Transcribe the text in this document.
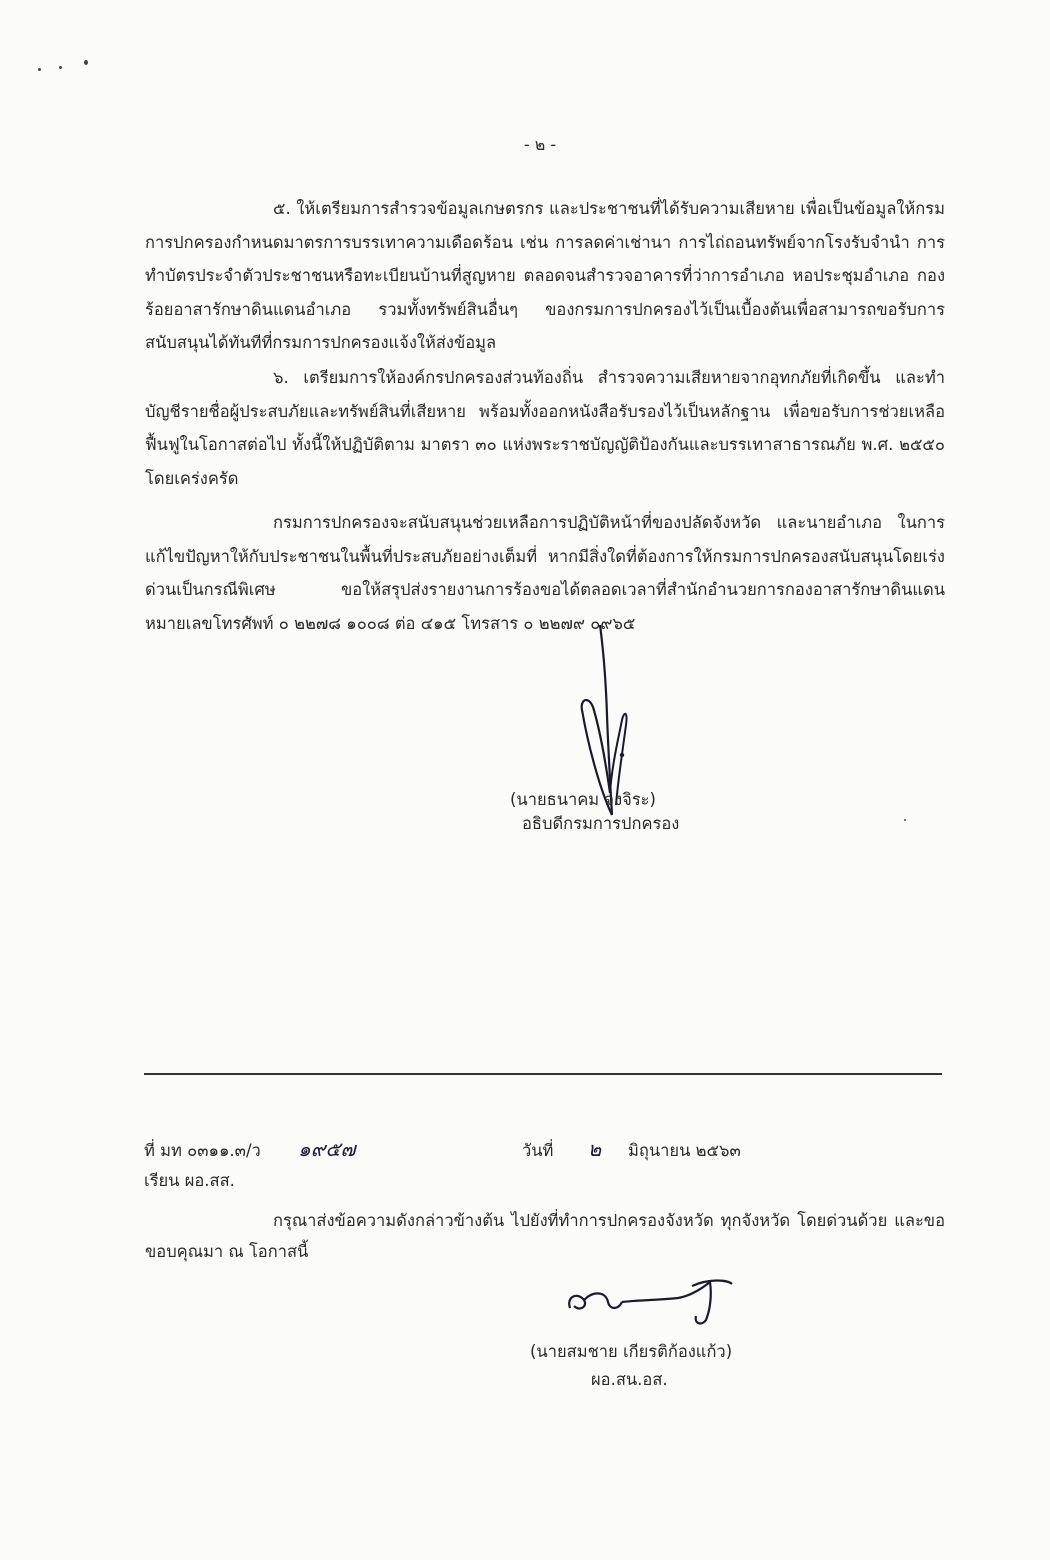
- ๒ -
๕. ให้เตรียมการสำรวจข้อมูลเกษตรกร และประชาชนที่ได้รับความเสียหาย เพื่อเป็นข้อมูลให้กรมการปกครองกำหนดมาตรการบรรเทาความเดือดร้อน เช่น การลดค่าเช่านา การไถ่ถอนทรัพย์จากโรงรับจำนำ การทำบัตรประจำตัวประชาชนหรือทะเบียนบ้านที่สูญหาย ตลอดจนสำรวจอาคารที่ว่าการอำเภอ หอประชุมอำเภอ กองร้อยอาสารักษาดินแดนอำเภอ รวมทั้งทรัพย์สินอื่นๆ ของกรมการปกครองไว้เป็นเบื้องต้นเพื่อสามารถขอรับการสนับสนุนได้ทันทีที่กรมการปกครองแจ้งให้ส่งข้อมูล
๖. เตรียมการให้องค์กรปกครองส่วนท้องถิ่น สำรวจความเสียหายจากอุทกภัยที่เกิดขึ้น และทำบัญชีรายชื่อผู้ประสบภัยและทรัพย์สินที่เสียหาย พร้อมทั้งออกหนังสือรับรองไว้เป็นหลักฐาน เพื่อขอรับการช่วยเหลือฟื้นฟูในโอกาสต่อไป ทั้งนี้ให้ปฏิบัติตาม มาตรา ๓๐ แห่งพระราชบัญญัติป้องกันและบรรเทาสาธารณภัย พ.ศ. ๒๕๕๐ โดยเคร่งครัด
กรมการปกครองจะสนับสนุนช่วยเหลือการปฏิบัติหน้าที่ของปลัดจังหวัด และนายอำเภอ ในการแก้ไขปัญหาให้กับประชาชนในพื้นที่ประสบภัยอย่างเต็มที่ หากมีสิ่งใดที่ต้องการให้กรมการปกครองสนับสนุนโดยเร่งด่วนเป็นกรณีพิเศษ ขอให้สรุปส่งรายงานการร้องขอได้ตลอดเวลาที่สำนักอำนวยการกองอาสารักษาดินแดน หมายเลขโทรศัพท์ ๐ ๒๒๗๘ ๑๐๐๘ ต่อ ๔๑๕ โทรสาร ๐ ๒๒๗๙ ๐๙๖๕
(นายธนาคม จงจิระ)
อธิบดีกรมการปกครอง
ที่ มท ๐๓๑๑.๓/ว ๑๙๕๗	วันที่ ๒ มิถุนายน ๒๕๖๓
เรียน ผอ.สส.
กรุณาส่งข้อความดังกล่าวข้างต้น ไปยังที่ทำการปกครองจังหวัด ทุกจังหวัด โดยด่วนด้วย และขอขอบคุณมา ณ โอกาสนี้
(นายสมชาย เกียรติก้องแก้ว)
ผอ.สน.อส.
